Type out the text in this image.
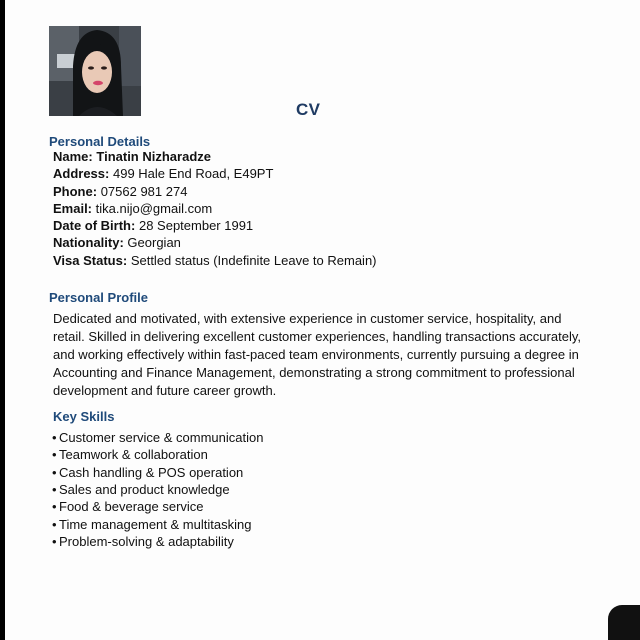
CV
Personal Details
Name: Tinatin Nizharadze
Address: 499 Hale End Road, E49PT
Phone: 07562 981 274
Email: tika.nijo@gmail.com
Date of Birth: 28 September 1991
Nationality: Georgian
Visa Status: Settled status (Indefinite Leave to Remain)
Personal Profile
Dedicated and motivated, with extensive experience in customer service, hospitality, and retail. Skilled in delivering excellent customer experiences, handling transactions accurately, and working effectively within fast-paced team environments, currently pursuing a degree in Accounting and Finance Management, demonstrating a strong commitment to professional development and future career growth.
Key Skills
• Customer service & communication
• Teamwork & collaboration
• Cash handling & POS operation
• Sales and product knowledge
• Food & beverage service
• Time management & multitasking
• Problem-solving & adaptability
